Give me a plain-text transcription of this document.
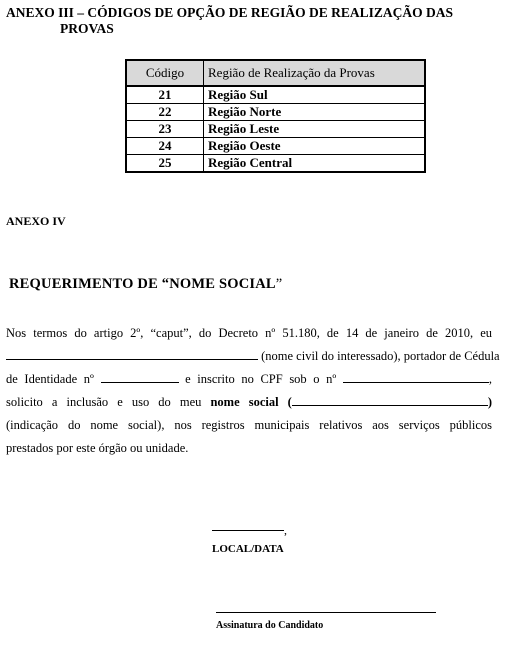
ANEXO III – CÓDIGOS DE OPÇÃO DE REGIÃO DE REALIZAÇÃO DAS
PROVAS
Código	Região de Realização da Provas
21	Região Sul
22	Região Norte
23	Região Leste
24	Região Oeste
25	Região Central
ANEXO IV
REQUERIMENTO DE “NOME SOCIAL”
Nos termos do artigo 2º, “caput”, do Decreto nº 51.180, de 14 de janeiro de 2010, eu
(nome civil do interessado), portador de Cédula
de Identidade nº	e inscrito no CPF sob o nº	,
solicito a inclusão e uso do meu nome social (	)
(indicação do nome social), nos registros municipais relativos aos serviços públicos
prestados por este órgão ou unidade.
,
LOCAL/DATA
Assinatura do Candidato
